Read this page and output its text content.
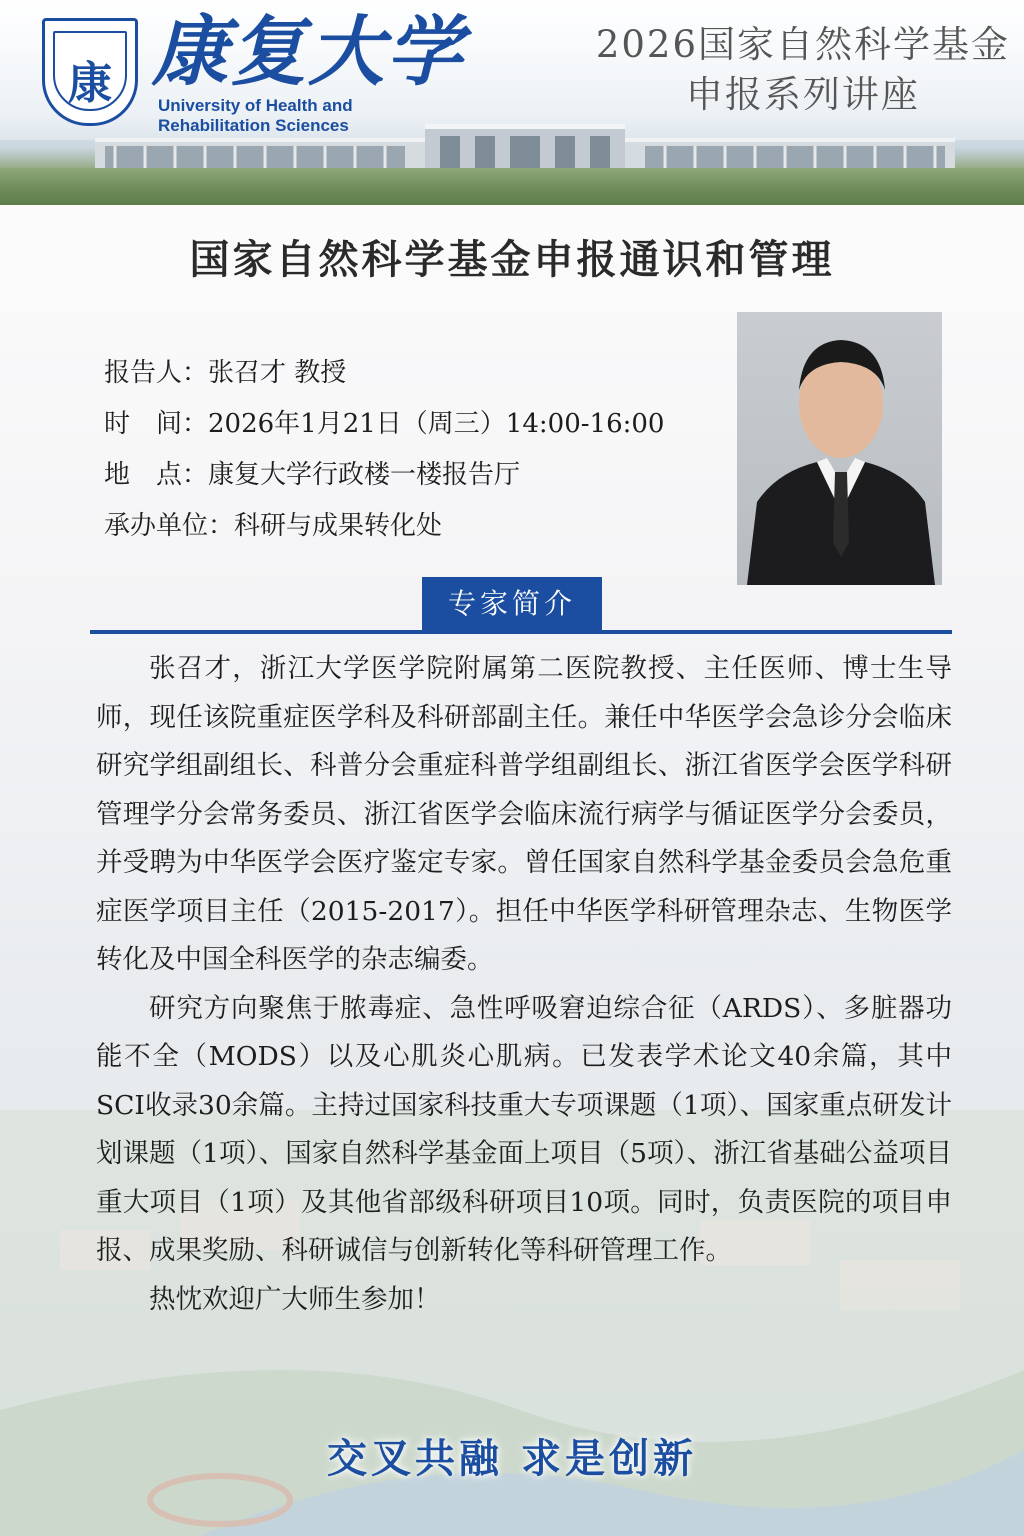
康 康复大学
University of Health and
Rehabilitation Sciences
2026国家自然科学基金
申报系列讲座
国家自然科学基金申报通识和管理
报告人：张召才 教授
时　间：2026年1月21日（周三）14:00-16:00
地　点：康复大学行政楼一楼报告厅
承办单位：科研与成果转化处
专家简介

张召才，浙江大学医学院附属第二医院教授、主任医师、博士生导师，现任该院重症医学科及科研部副主任。兼任中华医学会急诊分会临床研究学组副组长、科普分会重症科普学组副组长、浙江省医学会医学科研管理学分会常务委员、浙江省医学会临床流行病学与循证医学分会委员，并受聘为中华医学会医疗鉴定专家。曾任国家自然科学基金委员会急危重症医学项目主任（2015-2017）。担任中华医学科研管理杂志、生物医学转化及中国全科医学的杂志编委。

研究方向聚焦于脓毒症、急性呼吸窘迫综合征（ARDS）、多脏器功能不全（MODS）以及心肌炎心肌病。已发表学术论文40余篇，其中SCI收录30余篇。主持过国家科技重大专项课题（1项）、国家重点研发计划课题（1项）、国家自然科学基金面上项目（5项）、浙江省基础公益项目重大项目（1项）及其他省部级科研项目10项。同时，负责医院的项目申报、成果奖励、科研诚信与创新转化等科研管理工作。

热忱欢迎广大师生参加！

交叉共融 求是创新
